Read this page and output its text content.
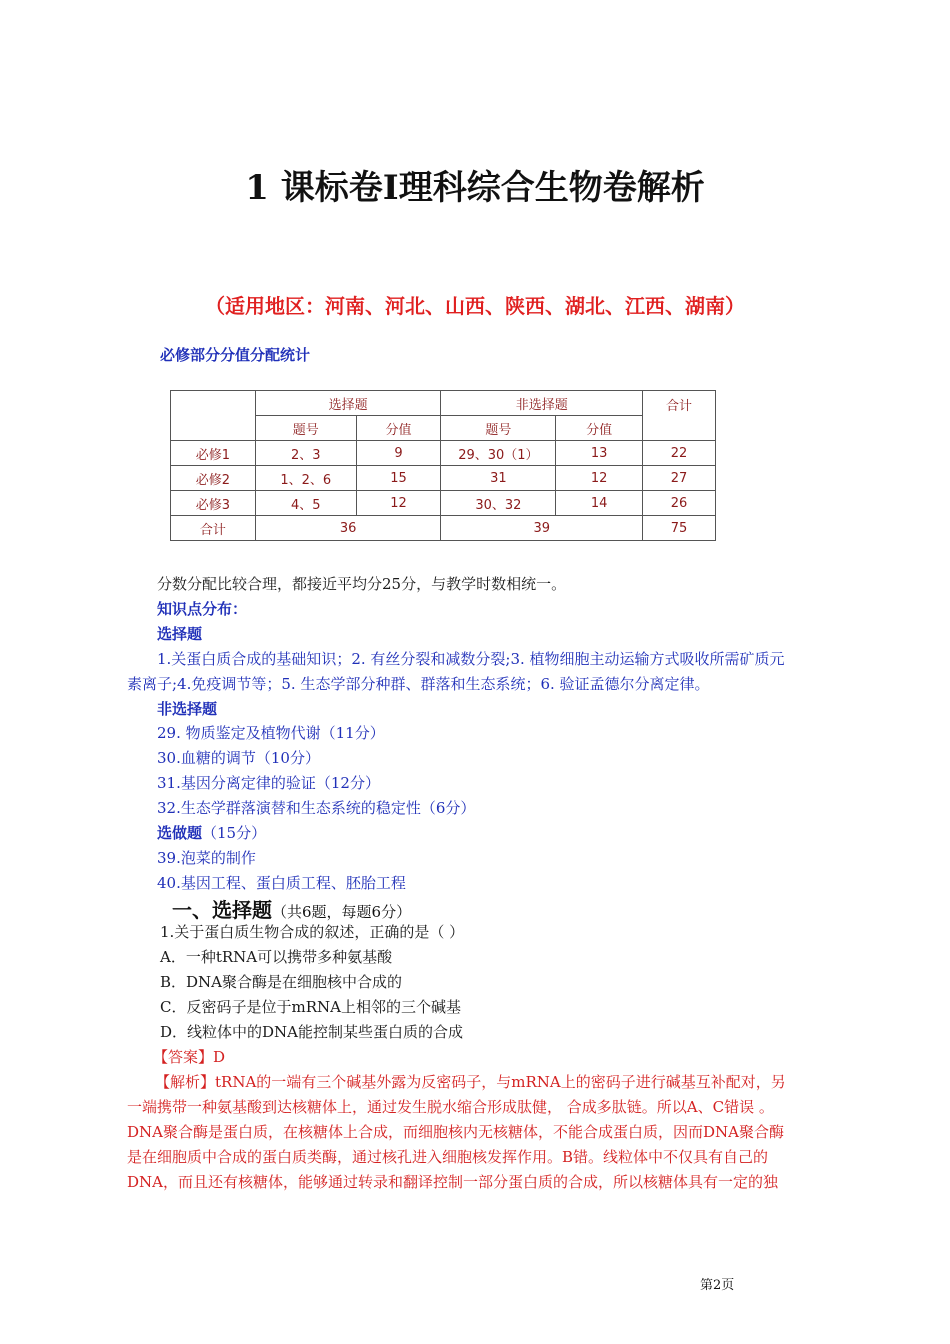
1 课标卷Ⅰ理科综合生物卷解析
（适用地区：河南、河北、山西、陕西、湖北、江西、湖南）
必修部分分值分配统计
	选择题		非选择题		合计
	题号	分值	题号	分值	
必修1	2、3	9	29、30（1）	13	22
必修2	1、2、6	15	31	12	27
必修3	4、5	12	30、32	14	26
合计	36		39		75
分数分配比较合理，都接近平均分25分，与教学时数相统一。
知识点分布：
选择题
1.关蛋白质合成的基础知识；2. 有丝分裂和减数分裂;3. 植物细胞主动运输方式吸收所需矿质元
素离子;4.免疫调节等；5. 生态学部分种群、群落和生态系统；6. 验证孟德尔分离定律。
非选择题
29. 物质鉴定及植物代谢（11分）
30.血糖的调节（10分）
31.基因分离定律的验证（12分）
32.生态学群落演替和生态系统的稳定性（6分）
选做题（15分）
39.泡菜的制作
40.基因工程、蛋白质工程、胚胎工程
一、选择题（共6题，每题6分）
1.关于蛋白质生物合成的叙述，正确的是（ ）
A．一种tRNA可以携带多种氨基酸
B．DNA聚合酶是在细胞核中合成的
C．反密码子是位于mRNA上相邻的三个碱基
D．线粒体中的DNA能控制某些蛋白质的合成
【答案】D
【解析】tRNA的一端有三个碱基外露为反密码子，与mRNA上的密码子进行碱基互补配对，另
一端携带一种氨基酸到达核糖体上，通过发生脱水缩合形成肽健， 合成多肽链。所以A、C错误 。
DNA聚合酶是蛋白质，在核糖体上合成，而细胞核内无核糖体，不能合成蛋白质，因而DNA聚合酶
是在细胞质中合成的蛋白质类酶，通过核孔进入细胞核发挥作用。B错。线粒体中不仅具有自己的
DNA，而且还有核糖体，能够通过转录和翻译控制一部分蛋白质的合成，所以核糖体具有一定的独
第2页
